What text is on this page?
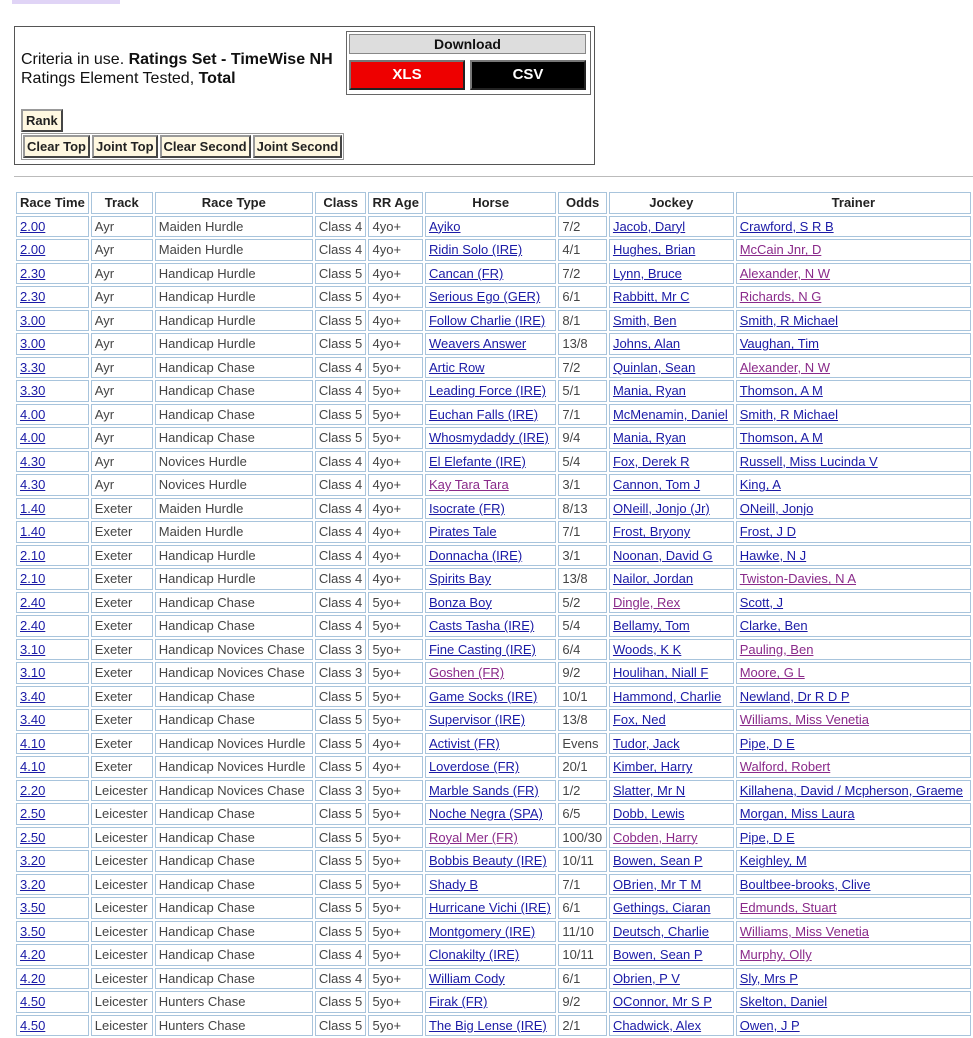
Criteria in use. Ratings Set - TimeWise NH
Ratings Element Tested, Total
Rank
Clear Top Joint Top Clear Second Joint Second
Download
XLS	CSV
Race Time	Track	Race Type	Class	RR Age	Horse	Odds	Jockey	Trainer
2.00	Ayr	Maiden Hurdle	Class 4	4yo+	Ayiko	7/2	Jacob, Daryl	Crawford, S R B
2.00	Ayr	Maiden Hurdle	Class 4	4yo+	Ridin Solo (IRE)	4/1	Hughes, Brian	McCain Jnr, D
2.30	Ayr	Handicap Hurdle	Class 5	4yo+	Cancan (FR)	7/2	Lynn, Bruce	Alexander, N W
2.30	Ayr	Handicap Hurdle	Class 5	4yo+	Serious Ego (GER)	6/1	Rabbitt, Mr C	Richards, N G
3.00	Ayr	Handicap Hurdle	Class 5	4yo+	Follow Charlie (IRE)	8/1	Smith, Ben	Smith, R Michael
3.00	Ayr	Handicap Hurdle	Class 5	4yo+	Weavers Answer	13/8	Johns, Alan	Vaughan, Tim
3.30	Ayr	Handicap Chase	Class 4	5yo+	Artic Row	7/2	Quinlan, Sean	Alexander, N W
3.30	Ayr	Handicap Chase	Class 4	5yo+	Leading Force (IRE)	5/1	Mania, Ryan	Thomson, A M
4.00	Ayr	Handicap Chase	Class 5	5yo+	Euchan Falls (IRE)	7/1	McMenamin, Daniel	Smith, R Michael
4.00	Ayr	Handicap Chase	Class 5	5yo+	Whosmydaddy (IRE)	9/4	Mania, Ryan	Thomson, A M
4.30	Ayr	Novices Hurdle	Class 4	4yo+	El Elefante (IRE)	5/4	Fox, Derek R	Russell, Miss Lucinda V
4.30	Ayr	Novices Hurdle	Class 4	4yo+	Kay Tara Tara	3/1	Cannon, Tom J	King, A
1.40	Exeter	Maiden Hurdle	Class 4	4yo+	Isocrate (FR)	8/13	ONeill, Jonjo (Jr)	ONeill, Jonjo
1.40	Exeter	Maiden Hurdle	Class 4	4yo+	Pirates Tale	7/1	Frost, Bryony	Frost, J D
2.10	Exeter	Handicap Hurdle	Class 4	4yo+	Donnacha (IRE)	3/1	Noonan, David G	Hawke, N J
2.10	Exeter	Handicap Hurdle	Class 4	4yo+	Spirits Bay	13/8	Nailor, Jordan	Twiston-Davies, N A
2.40	Exeter	Handicap Chase	Class 4	5yo+	Bonza Boy	5/2	Dingle, Rex	Scott, J
2.40	Exeter	Handicap Chase	Class 4	5yo+	Casts Tasha (IRE)	5/4	Bellamy, Tom	Clarke, Ben
3.10	Exeter	Handicap Novices Chase	Class 3	5yo+	Fine Casting (IRE)	6/4	Woods, K K	Pauling, Ben
3.10	Exeter	Handicap Novices Chase	Class 3	5yo+	Goshen (FR)	9/2	Houlihan, Niall F	Moore, G L
3.40	Exeter	Handicap Chase	Class 5	5yo+	Game Socks (IRE)	10/1	Hammond, Charlie	Newland, Dr R D P
3.40	Exeter	Handicap Chase	Class 5	5yo+	Supervisor (IRE)	13/8	Fox, Ned	Williams, Miss Venetia
4.10	Exeter	Handicap Novices Hurdle	Class 5	4yo+	Activist (FR)	Evens	Tudor, Jack	Pipe, D E
4.10	Exeter	Handicap Novices Hurdle	Class 5	4yo+	Loverdose (FR)	20/1	Kimber, Harry	Walford, Robert
2.20	Leicester	Handicap Novices Chase	Class 3	5yo+	Marble Sands (FR)	1/2	Slatter, Mr N	Killahena, David / Mcpherson, Graeme
2.50	Leicester	Handicap Chase	Class 5	5yo+	Noche Negra (SPA)	6/5	Dobb, Lewis	Morgan, Miss Laura
2.50	Leicester	Handicap Chase	Class 5	5yo+	Royal Mer (FR)	100/30	Cobden, Harry	Pipe, D E
3.20	Leicester	Handicap Chase	Class 5	5yo+	Bobbis Beauty (IRE)	10/11	Bowen, Sean P	Keighley, M
3.20	Leicester	Handicap Chase	Class 5	5yo+	Shady B	7/1	OBrien, Mr T M	Boultbee-brooks, Clive
3.50	Leicester	Handicap Chase	Class 5	5yo+	Hurricane Vichi (IRE)	6/1	Gethings, Ciaran	Edmunds, Stuart
3.50	Leicester	Handicap Chase	Class 5	5yo+	Montgomery (IRE)	11/10	Deutsch, Charlie	Williams, Miss Venetia
4.20	Leicester	Handicap Chase	Class 4	5yo+	Clonakilty (IRE)	10/11	Bowen, Sean P	Murphy, Olly
4.20	Leicester	Handicap Chase	Class 4	5yo+	William Cody	6/1	Obrien, P V	Sly, Mrs P
4.50	Leicester	Hunters Chase	Class 5	5yo+	Firak (FR)	9/2	OConnor, Mr S P	Skelton, Daniel
4.50	Leicester	Hunters Chase	Class 5	5yo+	The Big Lense (IRE)	2/1	Chadwick, Alex	Owen, J P
